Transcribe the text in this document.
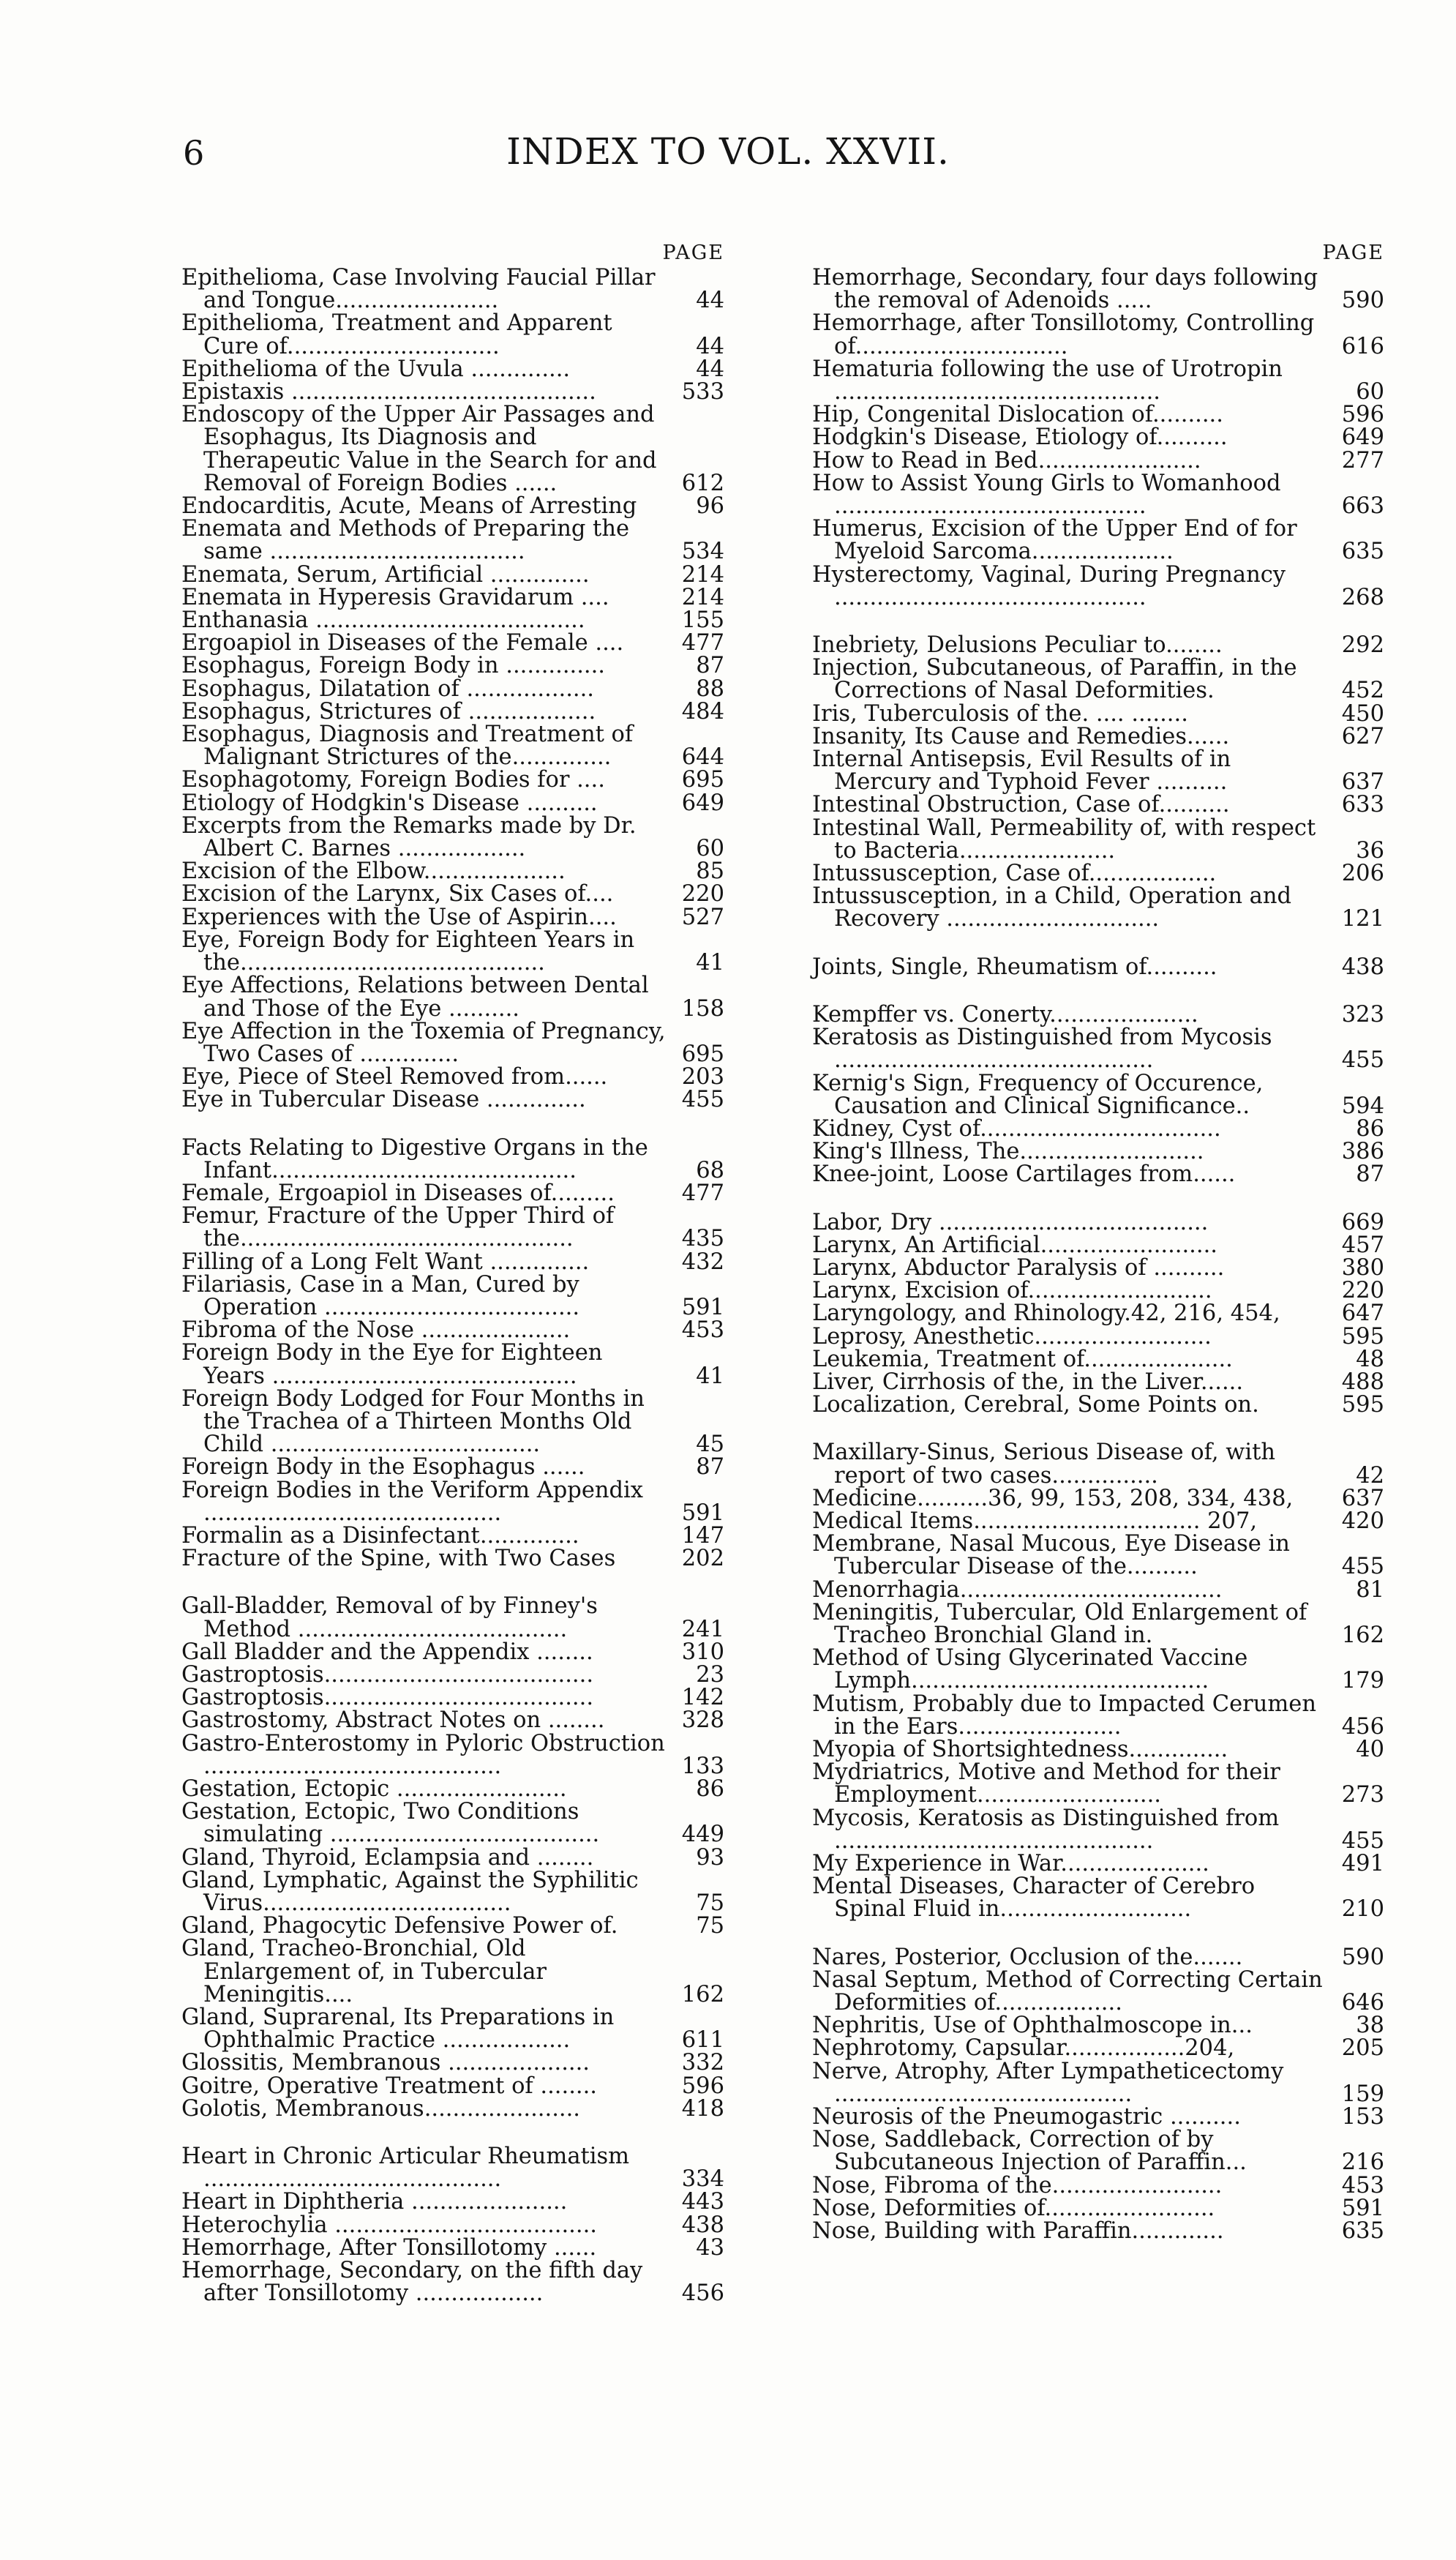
6	INDEX TO VOL. XXVII.
PAGE
Epithelioma, Case Involving Faucial Pillar and Tongue.......................	44
Epithelioma, Treatment and Apparent Cure of..............................	44
Epithelioma of the Uvula ..............	44
Epistaxis ...........................................	533
Endoscopy of the Upper Air Passages and Esophagus, Its Diagnosis and Therapeutic Value in the Search for and Removal of Foreign Bodies ......	612
Endocarditis, Acute, Means of Arresting	96
Enemata and Methods of Preparing the same ....................................	534
Enemata, Serum, Artificial ..............	214
Enemata in Hyperesis Gravidarum ....	214
Enthanasia ......................................	155
Ergoapiol in Diseases of the Female ....	477
Esophagus, Foreign Body in ..............	87
Esophagus, Dilatation of ..................	88
Esophagus, Strictures of ..................	484
Esophagus, Diagnosis and Treatment of Malignant Strictures of the..............	644
Esophagotomy, Foreign Bodies for ....	695
Etiology of Hodgkin's Disease ..........	649
Excerpts from the Remarks made by Dr. Albert C. Barnes ..................	60
Excision of the Elbow....................	85
Excision of the Larynx, Six Cases of....	220
Experiences with the Use of Aspirin....	527
Eye, Foreign Body for Eighteen Years in the...........................................	41
Eye Affections, Relations between Dental and Those of the Eye ..........	158
Eye Affection in the Toxemia of Pregnancy, Two Cases of ..............	695
Eye, Piece of Steel Removed from......	203
Eye in Tubercular Disease ..............	455
Facts Relating to Digestive Organs in the Infant...........................................	68
Female, Ergoapiol in Diseases of.........	477
Femur, Fracture of the Upper Third of the...............................................	435
Filling of a Long Felt Want ..............	432
Filariasis, Case in a Man, Cured by Operation ....................................	591
Fibroma of the Nose .....................	453
Foreign Body in the Eye for Eighteen Years ...........................................	41
Foreign Body Lodged for Four Months in the Trachea of a Thirteen Months Old Child ......................................	45
Foreign Body in the Esophagus ......	87
Foreign Bodies in the Veriform Appendix ..........................................	591
Formalin as a Disinfectant..............	147
Fracture of the Spine, with Two Cases	202
Gall-Bladder, Removal of by Finney's Method ......................................	241
Gall Bladder and the Appendix ........	310
Gastroptosis......................................	23
Gastroptosis......................................	142
Gastrostomy, Abstract Notes on ........	328
Gastro-Enterostomy in Pyloric Obstruction ..........................................	133
Gestation, Ectopic ........................	86
Gestation, Ectopic, Two Conditions simulating ......................................	449
Gland, Thyroid, Eclampsia and ........	93
Gland, Lymphatic, Against the Syphilitic Virus...................................	75
Gland, Phagocytic Defensive Power of.	75
Gland, Tracheo-Bronchial, Old Enlargement of, in Tubercular Meningitis....	162
Gland, Suprarenal, Its Preparations in Ophthalmic Practice ..................	611
Glossitis, Membranous ....................	332
Goitre, Operative Treatment of ........	596
Golotis, Membranous......................	418
Heart in Chronic Articular Rheumatism ..........................................	334
Heart in Diphtheria ......................	443
Heterochylia .....................................	438
Hemorrhage, After Tonsillotomy ......	43
Hemorrhage, Secondary, on the fifth day after Tonsillotomy ..................	456
PAGE
Hemorrhage, Secondary, four days following the removal of Adenoids .....	590
Hemorrhage, after Tonsillotomy, Controlling of..............................	616
Hematuria following the use of Urotropin ..............................................	60
Hip, Congenital Dislocation of..........	596
Hodgkin's Disease, Etiology of..........	649
How to Read in Bed.......................	277
How to Assist Young Girls to Womanhood ............................................	663
Humerus, Excision of the Upper End of for Myeloid Sarcoma....................	635
Hysterectomy, Vaginal, During Pregnancy ............................................	268
Inebriety, Delusions Peculiar to........	292
Injection, Subcutaneous, of Paraffin, in the Corrections of Nasal Deformities.	452
Iris, Tuberculosis of the. .... ........	450
Insanity, Its Cause and Remedies......	627
Internal Antisepsis, Evil Results of in Mercury and Typhoid Fever ..........	637
Intestinal Obstruction, Case of..........	633
Intestinal Wall, Permeability of, with respect to Bacteria......................	36
Intussusception, Case of..................	206
Intussusception, in a Child, Operation and Recovery ..............................	121
Joints, Single, Rheumatism of..........	438
Kempffer vs. Conerty.....................	323
Keratosis as Distinguished from Mycosis .............................................	455
Kernig's Sign, Frequency of Occurence, Causation and Clinical Significance..	594
Kidney, Cyst of..................................	86
King's Illness, The..........................	386
Knee-joint, Loose Cartilages from......	87
Labor, Dry ......................................	669
Larynx, An Artificial.........................	457
Larynx, Abductor Paralysis of ..........	380
Larynx, Excision of..........................	220
Laryngology, and Rhinology.42, 216, 454,	647
Leprosy, Anesthetic.........................	595
Leukemia, Treatment of.....................	48
Liver, Cirrhosis of the, in the Liver......	488
Localization, Cerebral, Some Points on.	595
Maxillary-Sinus, Serious Disease of, with report of two cases...............	42
Medicine..........36, 99, 153, 208, 334, 438,	637
Medical Items................................ 207,	420
Membrane, Nasal Mucous, Eye Disease in Tubercular Disease of the..........	455
Menorrhagia.....................................	81
Meningitis, Tubercular, Old Enlargement of Tracheo Bronchial Gland in.	162
Method of Using Glycerinated Vaccine Lymph..........................................	179
Mutism, Probably due to Impacted Cerumen in the Ears.......................	456
Myopia of Shortsightedness..............	40
Mydriatrics, Motive and Method for their Employment..........................	273
Mycosis, Keratosis as Distinguished from .............................................	455
My Experience in War.....................	491
Mental Diseases, Character of Cerebro Spinal Fluid in...........................	210
Nares, Posterior, Occlusion of the.......	590
Nasal Septum, Method of Correcting Certain Deformities of..................	646
Nephritis, Use of Ophthalmoscope in...	38
Nephrotomy, Capsular.................204,	205
Nerve, Atrophy, After Lympatheticectomy ..........................................	159
Neurosis of the Pneumogastric ..........	153
Nose, Saddleback, Correction of by Subcutaneous Injection of Paraffin...	216
Nose, Fibroma of the........................	453
Nose, Deformities of........................	591
Nose, Building with Paraffin.............	635
